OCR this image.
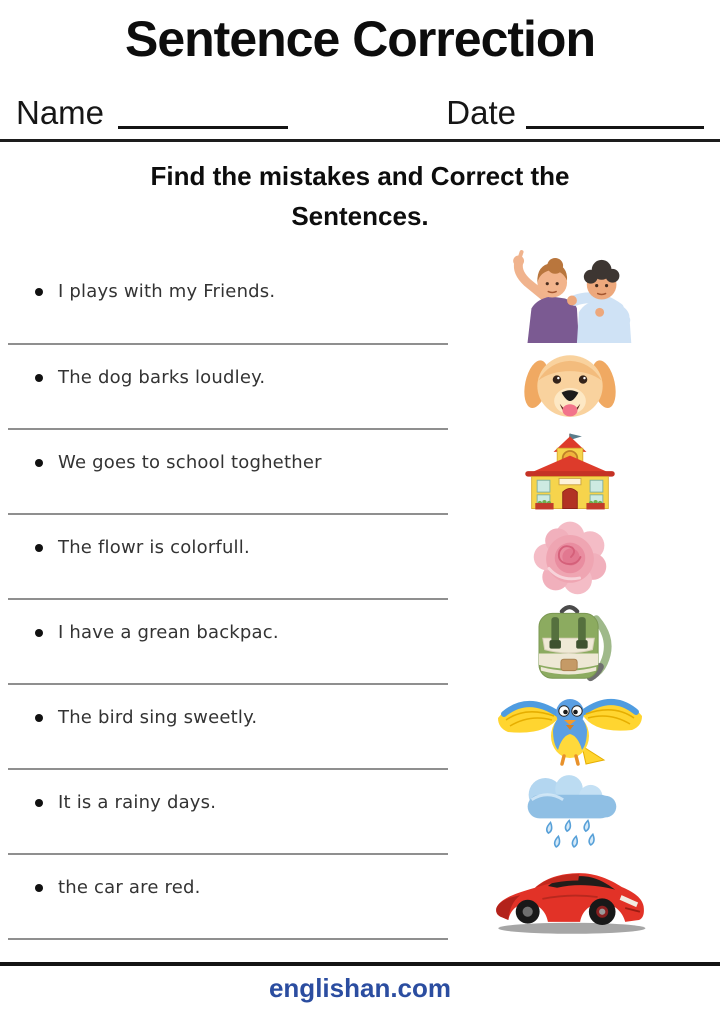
Sentence Correction
Name	Date
Find the mistakes and Correct the Sentences.
I plays with my Friends.
The dog barks loudley.
We goes to school toghether
The flowr is colorfull.
I have a grean backpac.
The bird sing sweetly.
It is a rainy days.
the car are red.
englishan.com
